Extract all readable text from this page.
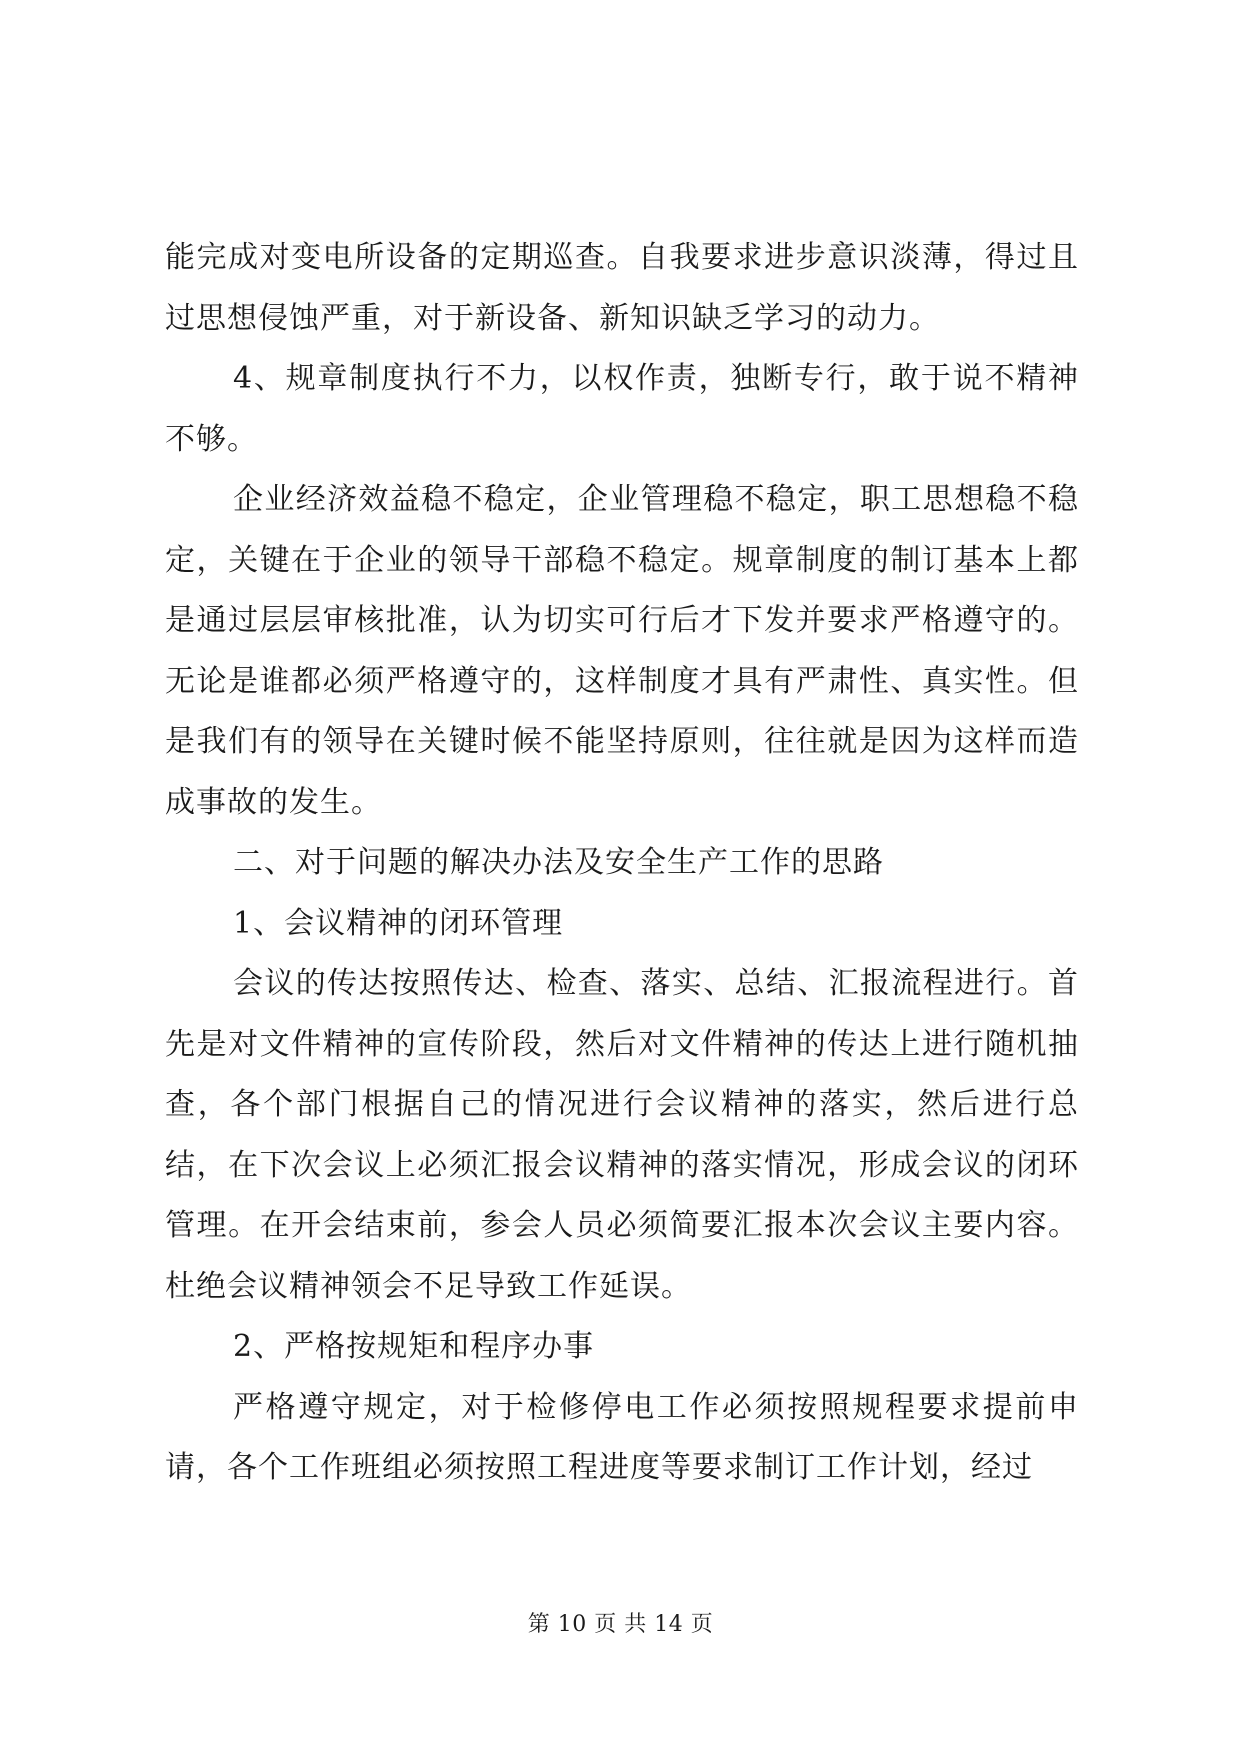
能完成对变电所设备的定期巡查。自我要求进步意识淡薄，得过且过思想侵蚀严重，对于新设备、新知识缺乏学习的动力。

4、规章制度执行不力，以权作责，独断专行，敢于说不精神不够。

企业经济效益稳不稳定，企业管理稳不稳定，职工思想稳不稳定，关键在于企业的领导干部稳不稳定。规章制度的制订基本上都是通过层层审核批准，认为切实可行后才下发并要求严格遵守的。无论是谁都必须严格遵守的，这样制度才具有严肃性、真实性。但是我们有的领导在关键时候不能坚持原则，往往就是因为这样而造成事故的发生。

二、对于问题的解决办法及安全生产工作的思路

1、会议精神的闭环管理

会议的传达按照传达、检查、落实、总结、汇报流程进行。首先是对文件精神的宣传阶段，然后对文件精神的传达上进行随机抽查，各个部门根据自己的情况进行会议精神的落实，然后进行总结，在下次会议上必须汇报会议精神的落实情况，形成会议的闭环管理。在开会结束前，参会人员必须简要汇报本次会议主要内容。杜绝会议精神领会不足导致工作延误。

2、严格按规矩和程序办事

严格遵守规定，对于检修停电工作必须按照规程要求提前申请，各个工作班组必须按照工程进度等要求制订工作计划，经过

第 10 页 共 14 页
